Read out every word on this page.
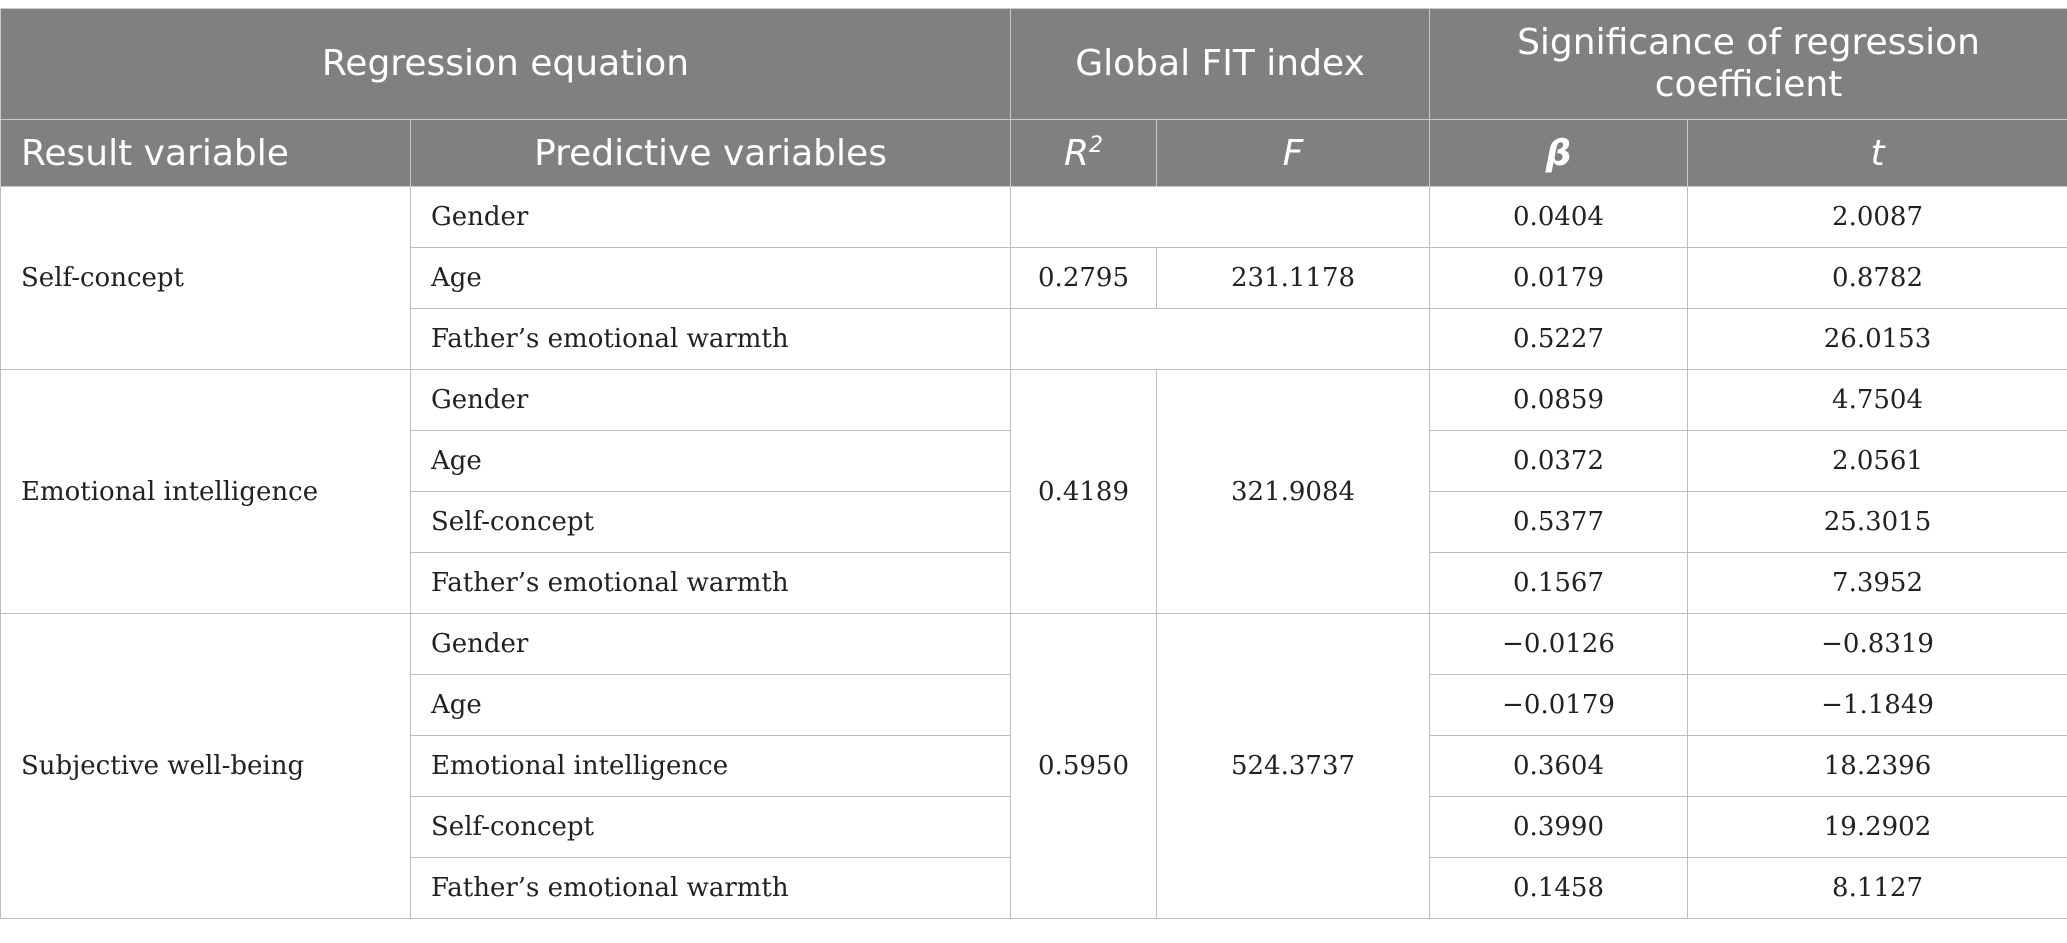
Regression equation		Global FIT index		Significance of regression coefficient	
Result variable	Predictive variables	$R^2$	F	β	t
Self-concept	Gender			0.0404	2.0087
	Age	0.2795	231.1178	0.0179	0.8782
	Father’s emotional warmth			0.5227	26.0153
Emotional intelligence	Gender	0.4189	321.9084	0.0859	4.7504
	Age			0.0372	2.0561
	Self-concept			0.5377	25.3015
	Father’s emotional warmth			0.1567	7.3952
Subjective well-being	Gender	0.5950	524.3737	−0.0126	−0.8319
	Age			−0.0179	−1.1849
	Emotional intelligence			0.3604	18.2396
	Self-concept			0.3990	19.2902
	Father’s emotional warmth			0.1458	8.1127
